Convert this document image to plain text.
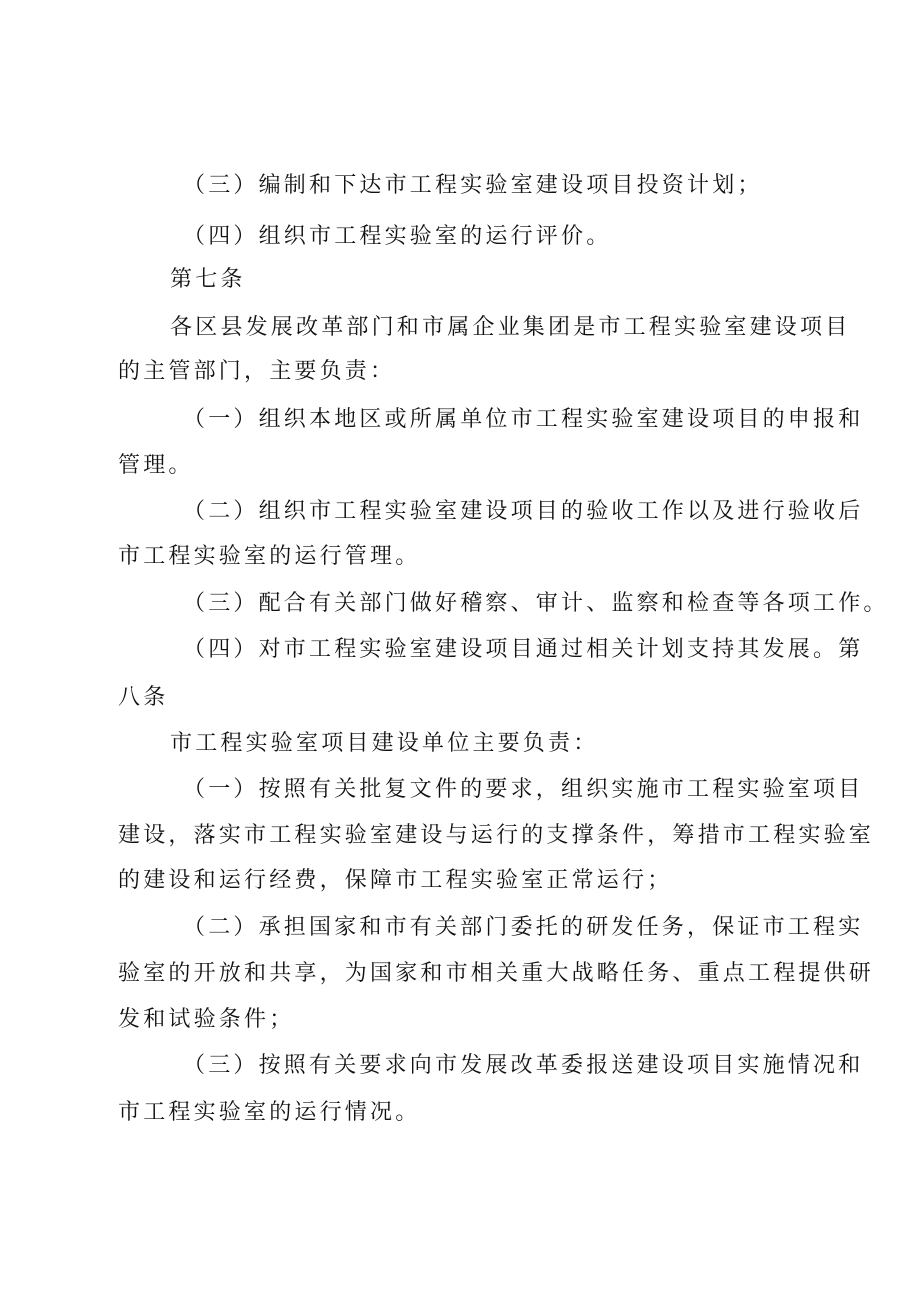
（三）编制和下达市工程实验室建设项目投资计划；
（四）组织市工程实验室的运行评价。
第七条
各区县发展改革部门和市属企业集团是市工程实验室建设项目
的主管部门，主要负责：
（一）组织本地区或所属单位市工程实验室建设项目的申报和
管理。
（二）组织市工程实验室建设项目的验收工作以及进行验收后
市工程实验室的运行管理。
（三）配合有关部门做好稽察、审计、监察和检查等各项工作。
（四）对市工程实验室建设项目通过相关计划支持其发展。第
八条
市工程实验室项目建设单位主要负责：
（一）按照有关批复文件的要求，组织实施市工程实验室项目
建设，落实市工程实验室建设与运行的支撑条件，筹措市工程实验室
的建设和运行经费，保障市工程实验室正常运行；
（二）承担国家和市有关部门委托的研发任务，保证市工程实
验室的开放和共享，为国家和市相关重大战略任务、重点工程提供研
发和试验条件；
（三）按照有关要求向市发展改革委报送建设项目实施情况和
市工程实验室的运行情况。
